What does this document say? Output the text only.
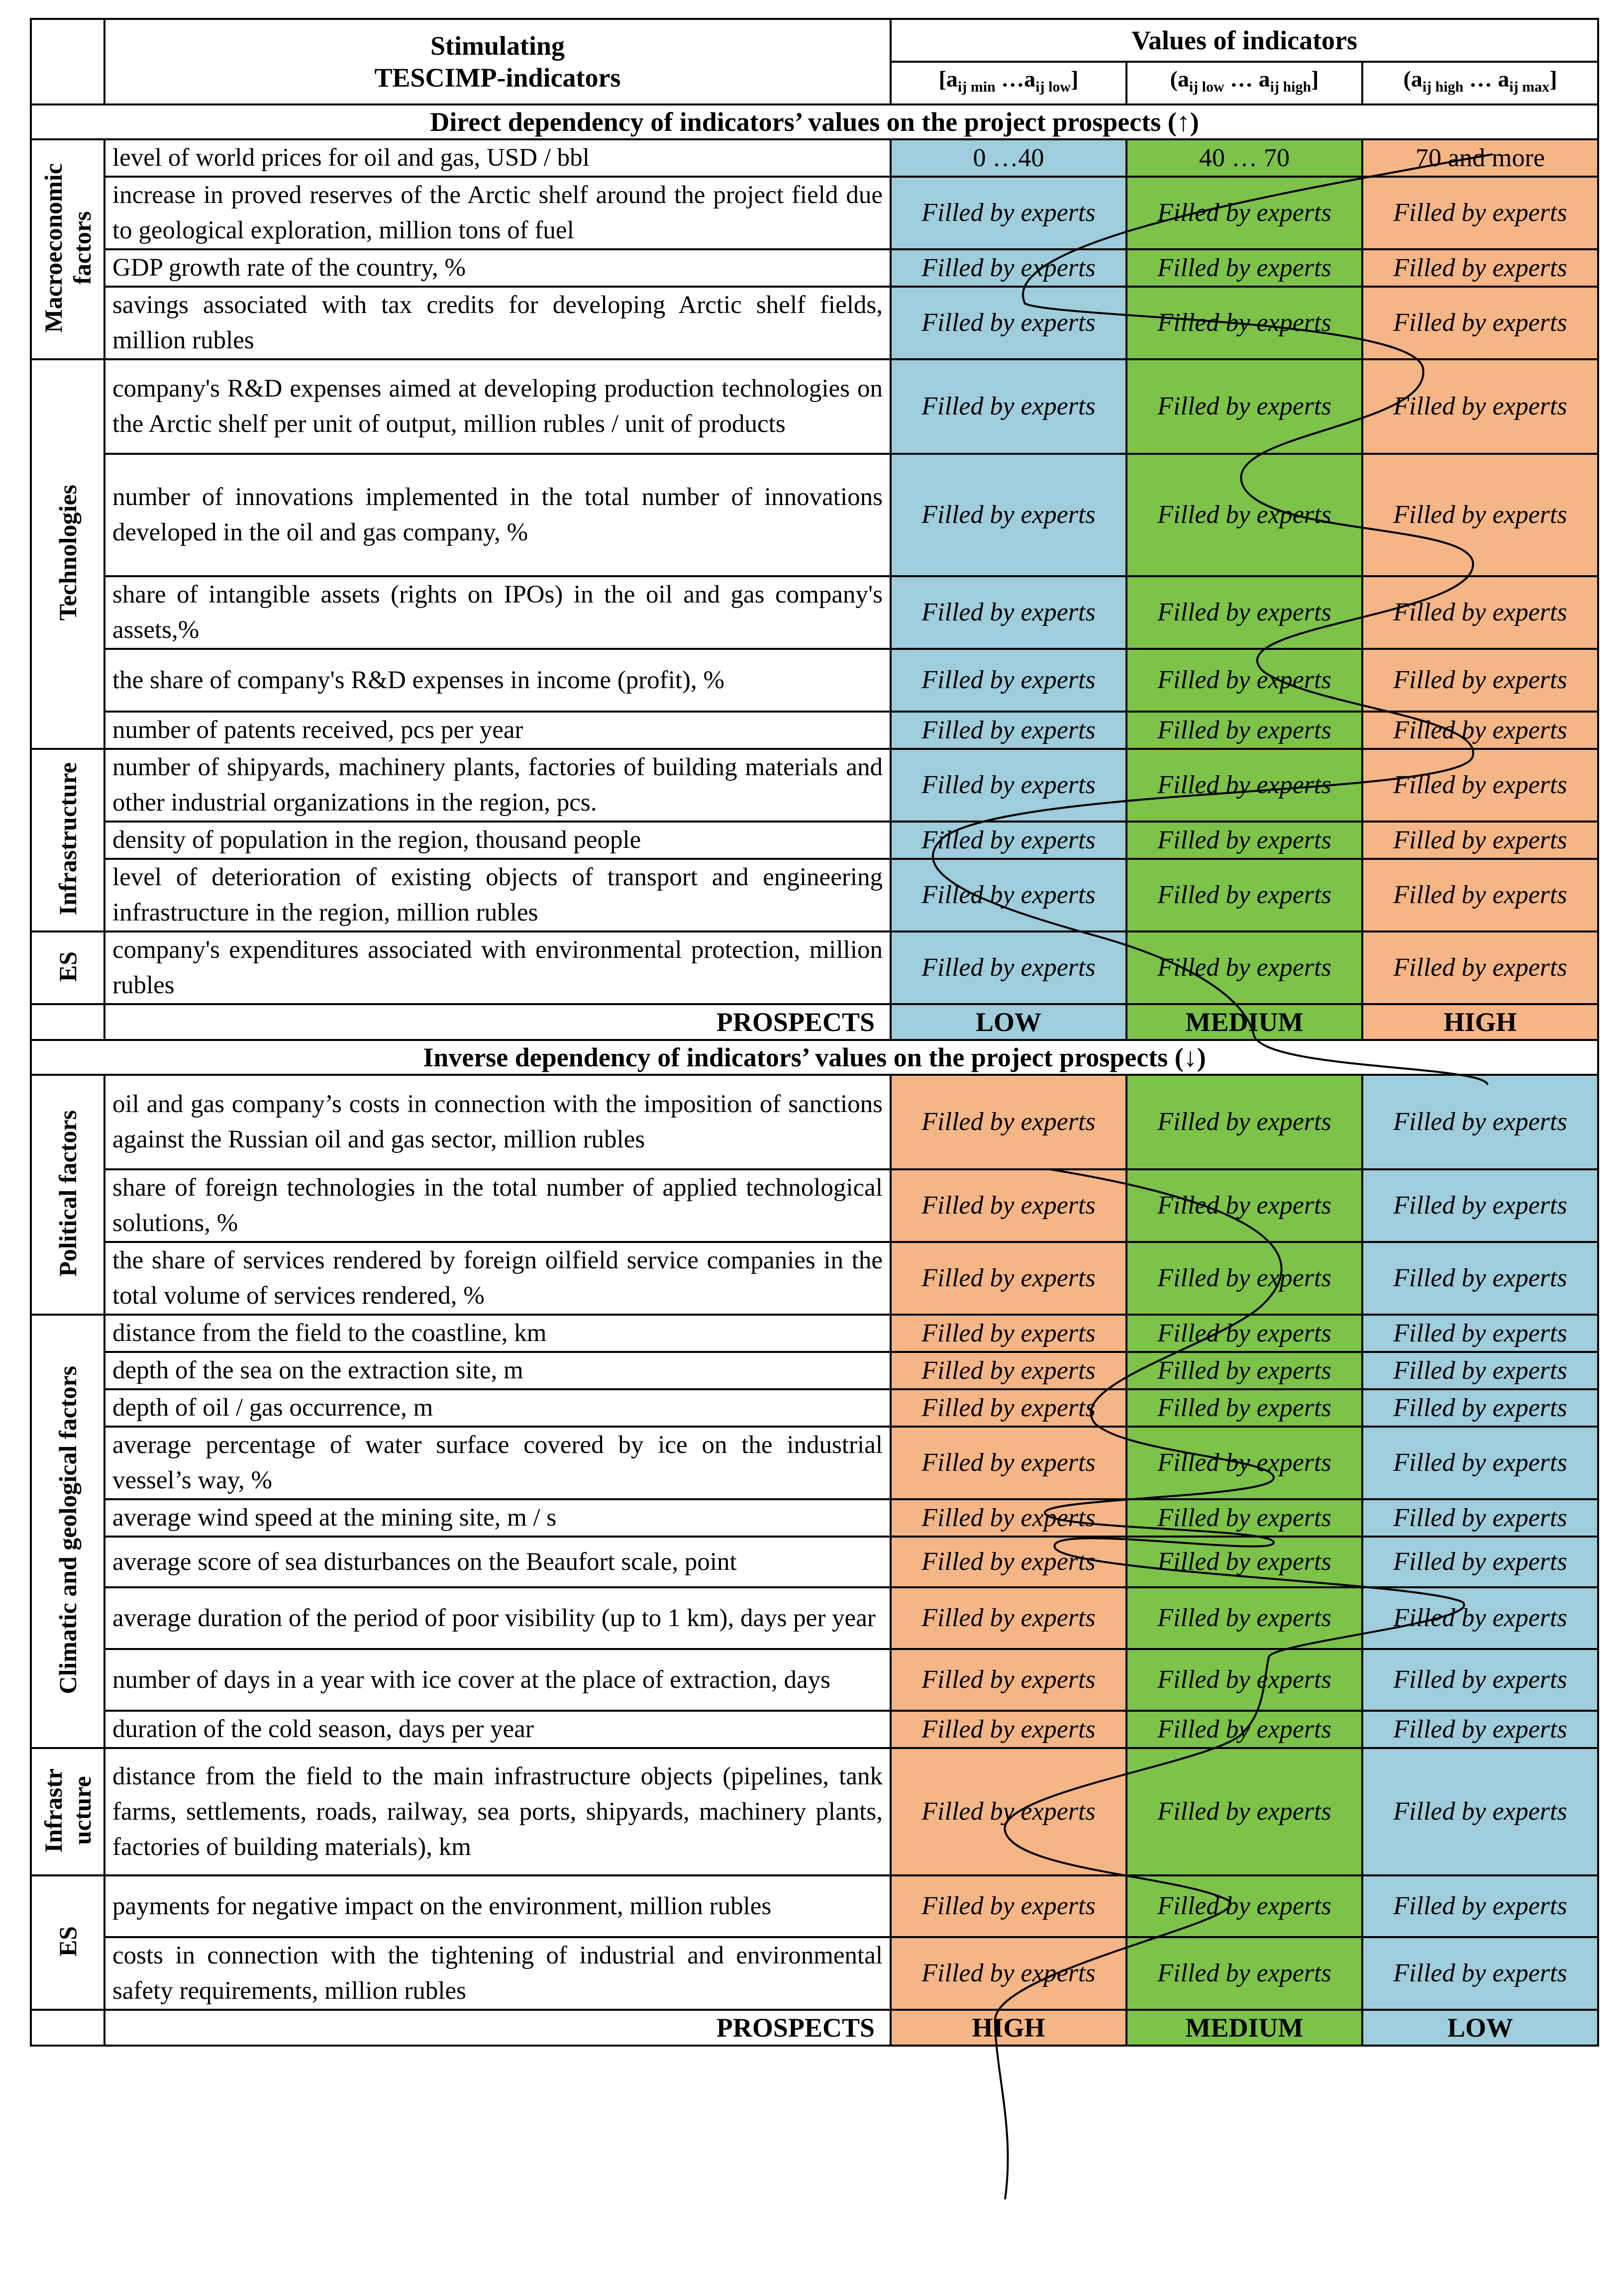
	Stimulating
TESCIMP-indicators	Values of indicators		
		[$a_{ij min}$ $\dots a_{ij low}$]	($a_{ij low}$ … $a_{ij high}$]	($a_{ij high}$ … $a_{ij max}$]
Direct dependency of indicators’ values on the project prospects (↑)				

Macroeconomic factors	level of world prices for oil and gas, USD / bbl	0 …40	40 … 70	70 and more
	increase in proved reserves of the Arctic shelf around the project field due to geological exploration, million tons of fuel	Filled by experts	Filled by experts	Filled by experts
	GDP growth rate of the country, %	Filled by experts	Filled by experts	Filled by experts
	savings associated with tax credits for developing Arctic shelf fields, million rubles	Filled by experts	Filled by experts	Filled by experts

Technologies	company's R&D expenses aimed at developing production technologies on the Arctic shelf per unit of output, million rubles / unit of products	Filled by experts	Filled by experts	Filled by experts
	number of innovations implemented in the total number of innovations developed in the oil and gas company, %	Filled by experts	Filled by experts	Filled by experts
	share of intangible assets (rights on IPOs) in the oil and gas company's assets,%	Filled by experts	Filled by experts	Filled by experts
	the share of company's R&D expenses in income (profit), %	Filled by experts	Filled by experts	Filled by experts
	number of patents received, pcs per year	Filled by experts	Filled by experts	Filled by experts

Infrastructure	number of shipyards, machinery plants, factories of building materials and other industrial organizations in the region, pcs.	Filled by experts	Filled by experts	Filled by experts
	density of population in the region, thousand people	Filled by experts	Filled by experts	Filled by experts
	level of deterioration of existing objects of transport and engineering infrastructure in the region, million rubles	Filled by experts	Filled by experts	Filled by experts

ES	company's expenditures associated with environmental protection, million rubles	Filled by experts	Filled by experts	Filled by experts
	PROSPECTS	LOW	MEDIUM	HIGH
Inverse dependency of indicators’ values on the project prospects (↓)				

Political factors	oil and gas company’s costs in connection with the imposition of sanctions against the Russian oil and gas sector, million rubles	Filled by experts	Filled by experts	Filled by experts
	share of foreign technologies in the total number of applied technological solutions, %	Filled by experts	Filled by experts	Filled by experts
	the share of services rendered by foreign oilfield service companies in the total volume of services rendered, %	Filled by experts	Filled by experts	Filled by experts

Climatic and geological factors	distance from the field to the coastline, km	Filled by experts	Filled by experts	Filled by experts
	depth of the sea on the extraction site, m	Filled by experts	Filled by experts	Filled by experts
	depth of oil / gas occurrence, m	Filled by experts	Filled by experts	Filled by experts
	average percentage of water surface covered by ice on the industrial vessel’s way, %	Filled by experts	Filled by experts	Filled by experts
	average wind speed at the mining site, m / s	Filled by experts	Filled by experts	Filled by experts
	average score of sea disturbances on the Beaufort scale, point	Filled by experts	Filled by experts	Filled by experts
	average duration of the period of poor visibility (up to 1 km), days per year	Filled by experts	Filled by experts	Filled by experts
	number of days in a year with ice cover at the place of extraction, days	Filled by experts	Filled by experts	Filled by experts
	duration of the cold season, days per year	Filled by experts	Filled by experts	Filled by experts

Infrastr ucture	distance from the field to the main infrastructure objects (pipelines, tank farms, settlements, roads, railway, sea ports, shipyards, machinery plants, factories of building materials), km	Filled by experts	Filled by experts	Filled by experts

ES	payments for negative impact on the environment, million rubles	Filled by experts	Filled by experts	Filled by experts
	costs in connection with the tightening of industrial and environmental safety requirements, million rubles	Filled by experts	Filled by experts	Filled by experts
	PROSPECTS	HIGH	MEDIUM	LOW
